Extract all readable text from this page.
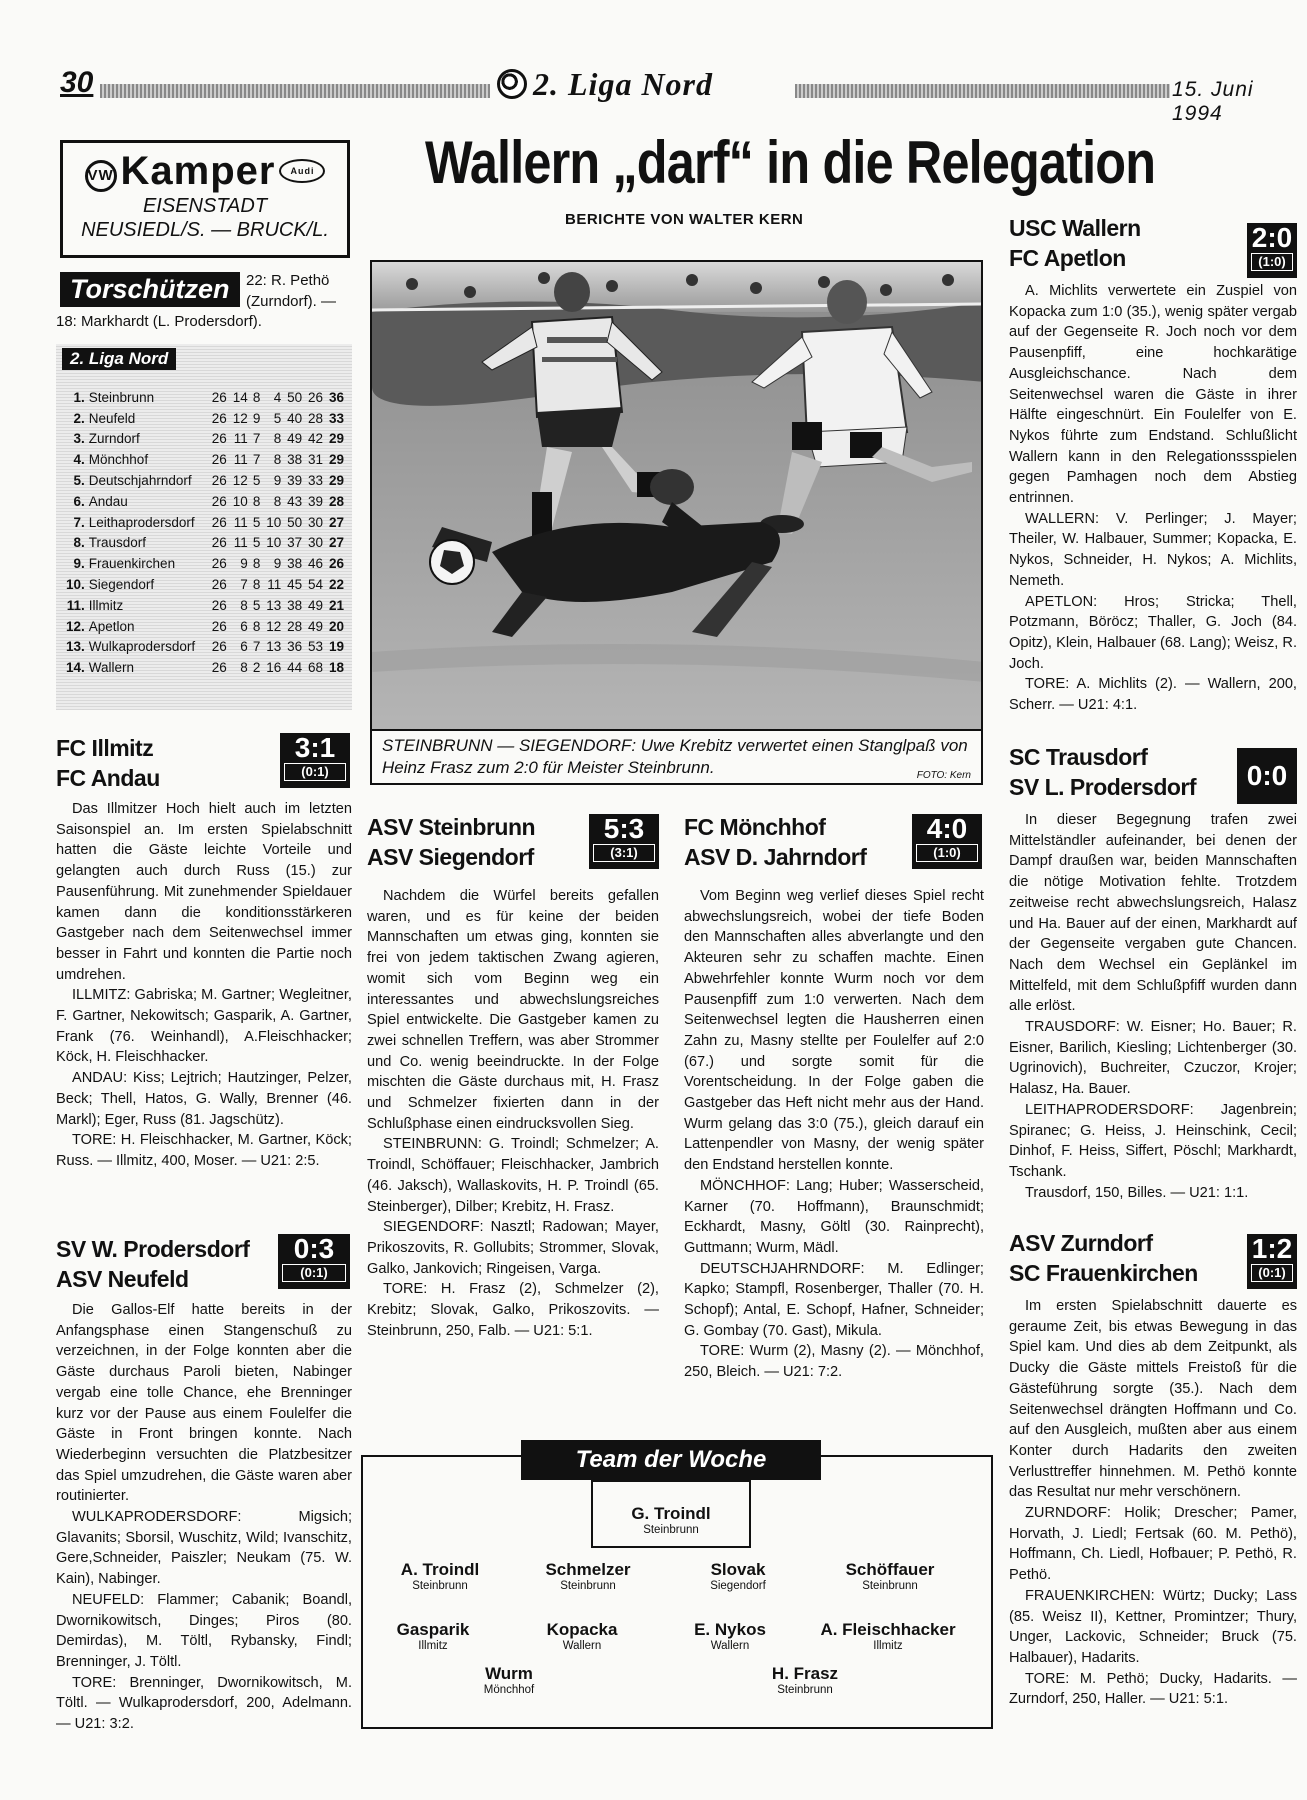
30	2. Liga Nord	15. Juni 1994
VW Kamper Audi
EISENSTADT
NEUSIEDL/S. — BRUCK/L.
Torschützen	22: R. Pethö (Zurndorf). —
18: Markhardt (L. Prodersdorf).
2. Liga Nord
1.	Steinbrunn	26	14	8	4	50	26	36
2.	Neufeld	26	12	9	5	40	28	33
3.	Zurndorf	26	11	7	8	49	42	29
4.	Mönchhof	26	11	7	8	38	31	29
5.	Deutschjahrndorf	26	12	5	9	39	33	29
6.	Andau	26	10	8	8	43	39	28
7.	Leithaprodersdorf	26	11	5	10	50	30	27
8.	Trausdorf	26	11	5	10	37	30	27
9.	Frauenkirchen	26	9	8	9	38	46	26
10.	Siegendorf	26	7	8	11	45	54	22
11.	Illmitz	26	8	5	13	38	49	21
12.	Apetlon	26	6	8	12	28	49	20
13.	Wulkaprodersdorf	26	6	7	13	36	53	19
14.	Wallern	26	8	2	16	44	68	18
Wallern „darf“ in die Relegation
BERICHTE VON WALTER KERN
STEINBRUNN — SIEGENDORF: Uwe Krebitz verwertet einen Stanglpaß von Heinz Frasz zum 2:0 für Meister Steinbrunn.	FOTO: Kern
FC Illmitz
FC Andau
3:1
(0:1)

Das Illmitzer Hoch hielt auch im letzten Saisonspiel an. Im ersten Spielabschnitt hatten die Gäste leichte Vorteile und gelangten auch durch Russ (15.) zur Pausenführung. Mit zunehmender Spieldauer kamen dann die konditionsstärkeren Gastgeber nach dem Seitenwechsel immer besser in Fahrt und konnten die Partie noch umdrehen.

ILLMITZ: Gabriska; M. Gartner; Wegleitner, F. Gartner, Nekowitsch; Gasparik, A. Gartner, Frank (76. Weinhandl), A.Fleischhacker; Köck, H. Fleischhacker.

ANDAU: Kiss; Lejtrich; Hautzinger, Pelzer, Beck; Thell, Hatos, G. Wally, Brenner (46. Markl); Eger, Russ (81. Jagschütz).

TORE: H. Fleischhacker, M. Gartner, Köck; Russ. — Illmitz, 400, Moser. — U21: 2:5.

SV W. Prodersdorf
ASV Neufeld
0:3
(0:1)

Die Gallos-Elf hatte bereits in der Anfangsphase einen Stangenschuß zu verzeichnen, in der Folge konnten aber die Gäste durchaus Paroli bieten, Nabinger vergab eine tolle Chance, ehe Brenninger kurz vor der Pause aus einem Foulelfer die Gäste in Front bringen konnte. Nach Wiederbeginn versuchten die Platzbesitzer das Spiel umzudrehen, die Gäste waren aber routinierter.

WULKAPRODERSDORF: Migsich; Glavanits; Sborsil, Wuschitz, Wild; Ivanschitz, Gere,Schneider, Paiszler; Neukam (75. W. Kain), Nabinger.

NEUFELD: Flammer; Cabanik; Boandl, Dwornikowitsch, Dinges; Piros (80. Demirdas), M. Töltl, Rybansky, Findl; Brenninger, J. Töltl.

TORE: Brenninger, Dwornikowitsch, M. Töltl. — Wulkaprodersdorf, 200, Adelmann. — U21: 3:2.

ASV Steinbrunn
ASV Siegendorf
5:3
(3:1)

Nachdem die Würfel bereits gefallen waren, und es für keine der beiden Mannschaften um etwas ging, konnten sie frei von jedem taktischen Zwang agieren, womit sich vom Beginn weg ein interessantes und abwechslungsreiches Spiel entwickelte. Die Gastgeber kamen zu zwei schnellen Treffern, was aber Strommer und Co. wenig beeindruckte. In der Folge mischten die Gäste durchaus mit, H. Frasz und Schmelzer fixierten dann in der Schlußphase einen eindrucksvollen Sieg.

STEINBRUNN: G. Troindl; Schmelzer; A. Troindl, Schöffauer; Fleischhacker, Jambrich (46. Jaksch), Wallaskovits, H. P. Troindl (65. Steinberger), Dilber; Krebitz, H. Frasz.

SIEGENDORF: Nasztl; Radowan; Mayer, Prikoszovits, R. Gollubits; Strommer, Slovak, Galko, Jankovich; Ringeisen, Varga.

TORE: H. Frasz (2), Schmelzer (2), Krebitz; Slovak, Galko, Prikoszovits. — Steinbrunn, 250, Falb. — U21: 5:1.

FC Mönchhof
ASV D. Jahrndorf
4:0
(1:0)

Vom Beginn weg verlief dieses Spiel recht abwechslungsreich, wobei der tiefe Boden den Mannschaften alles abverlangte und den Akteuren sehr zu schaffen machte. Einen Abwehrfehler konnte Wurm noch vor dem Pausenpfiff zum 1:0 verwerten. Nach dem Seitenwechsel legten die Hausherren einen Zahn zu, Masny stellte per Foulelfer auf 2:0 (67.) und sorgte somit für die Vorentscheidung. In der Folge gaben die Gastgeber das Heft nicht mehr aus der Hand. Wurm gelang das 3:0 (75.), gleich darauf ein Lattenpendler von Masny, der wenig später den Endstand herstellen konnte.

MÖNCHHOF: Lang; Huber; Wasserscheid, Karner (70. Hoffmann), Braunschmidt; Eckhardt, Masny, Göltl (30. Rainprecht), Guttmann; Wurm, Mädl.

DEUTSCHJAHRNDORF: M. Edlinger; Kapko; Stampfl, Rosenberger, Thaller (70. H. Schopf); Antal, E. Schopf, Hafner, Schneider; G. Gombay (70. Gast), Mikula.

TORE: Wurm (2), Masny (2). — Mönchhof, 250, Bleich. — U21: 7:2.

USC Wallern
FC Apetlon
2:0
(1:0)

A. Michlits verwertete ein Zuspiel von Kopacka zum 1:0 (35.), wenig später vergab auf der Gegenseite R. Joch noch vor dem Pausenpfiff, eine hochkarätige Ausgleichschance. Nach dem Seitenwechsel waren die Gäste in ihrer Hälfte eingeschnürt. Ein Foulelfer von E. Nykos führte zum Endstand. Schlußlicht Wallern kann in den Relegationssspielen gegen Pamhagen noch dem Abstieg entrinnen.

WALLERN: V. Perlinger; J. Mayer; Theiler, W. Halbauer, Summer; Kopacka, E. Nykos, Schneider, H. Nykos; A. Michlits, Nemeth.

APETLON: Hros; Stricka; Thell, Potzmann, Böröcz; Thaller, G. Joch (84. Opitz), Klein, Halbauer (68. Lang); Weisz, R. Joch.

TORE: A. Michlits (2). — Wallern, 200, Scherr. — U21: 4:1.

SC Trausdorf
SV L. Prodersdorf	0:0

In dieser Begegnung trafen zwei Mittelständler aufeinander, bei denen der Dampf draußen war, beiden Mannschaften die nötige Motivation fehlte. Trotzdem zeitweise recht abwechslungsreich, Halasz und Ha. Bauer auf der einen, Markhardt auf der Gegenseite vergaben gute Chancen. Nach dem Wechsel ein Geplänkel im Mittelfeld, mit dem Schlußpfiff wurden dann alle erlöst.

TRAUSDORF: W. Eisner; Ho. Bauer; R. Eisner, Barilich, Kiesling; Lichtenberger (30. Ugrinovich), Buchreiter, Czuczor, Krojer; Halasz, Ha. Bauer.

LEITHAPRODERSDORF: Jagenbrein; Spiranec; G. Heiss, J. Heinschink, Cecil; Dinhof, F. Heiss, Siffert, Pöschl; Markhardt, Tschank.

Trausdorf, 150, Billes. — U21: 1:1.

ASV Zurndorf
SC Frauenkirchen
1:2
(0:1)

Im ersten Spielabschnitt dauerte es geraume Zeit, bis etwas Bewegung in das Spiel kam. Und dies ab dem Zeitpunkt, als Ducky die Gäste mittels Freistoß für die Gästeführung sorgte (35.). Nach dem Seitenwechsel drängten Hoffmann und Co. auf den Ausgleich, mußten aber aus einem Konter durch Hadarits den zweiten Verlusttreffer hinnehmen. M. Pethö konnte das Resultat nur mehr verschönern.

ZURNDORF: Holik; Drescher; Pamer, Horvath, J. Liedl; Fertsak (60. M. Pethö), Hoffmann, Ch. Liedl, Hofbauer; P. Pethö, R. Pethö.

FRAUENKIRCHEN: Würtz; Ducky; Lass (85. Weisz II), Kettner, Promintzer; Thury, Unger, Lackovic, Schneider; Bruck (75. Halbauer), Hadarits.

TORE: M. Pethö; Ducky, Hadarits. — Zurndorf, 250, Haller. — U21: 5:1.

Team der Woche
G. Troindl
Steinbrunn
A. Troindl
Steinbrunn
Schmelzer
Steinbrunn
Slovak
Siegendorf
Schöffauer
Steinbrunn
Gasparik
Illmitz
Kopacka
Wallern
E. Nykos
Wallern
A. Fleischhacker
Illmitz
Wurm
Mönchhof
H. Frasz
Steinbrunn
